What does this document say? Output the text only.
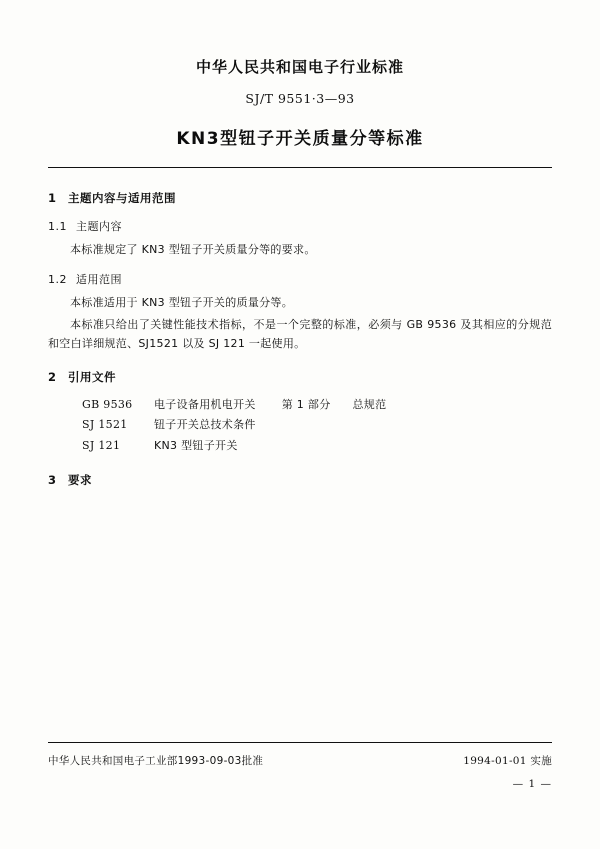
中华人民共和国电子行业标准
SJ/T 9551·3—93
KN3型钮子开关质量分等标准
1 主题内容与适用范围
1.1 主题内容

本标准规定了 KN3 型钮子开关质量分等的要求。

1.2 适用范围

本标准适用于 KN3 型钮子开关的质量分等。

本标准只给出了关键性能技术指标，不是一个完整的标准，必须与 GB 9536 及其相应的分规范和空白详细规范、SJ1521 以及 SJ 121 一起使用。

2 引用文件
GB 9536 电子设备用机电开关 第 1 部分 总规范
SJ 1521 钮子开关总技术条件
SJ 121	KN3 型钮子开关
3 要求
中华人民共和国电子工业部1993-09-03批准	1994-01-01 实施
— 1 —
